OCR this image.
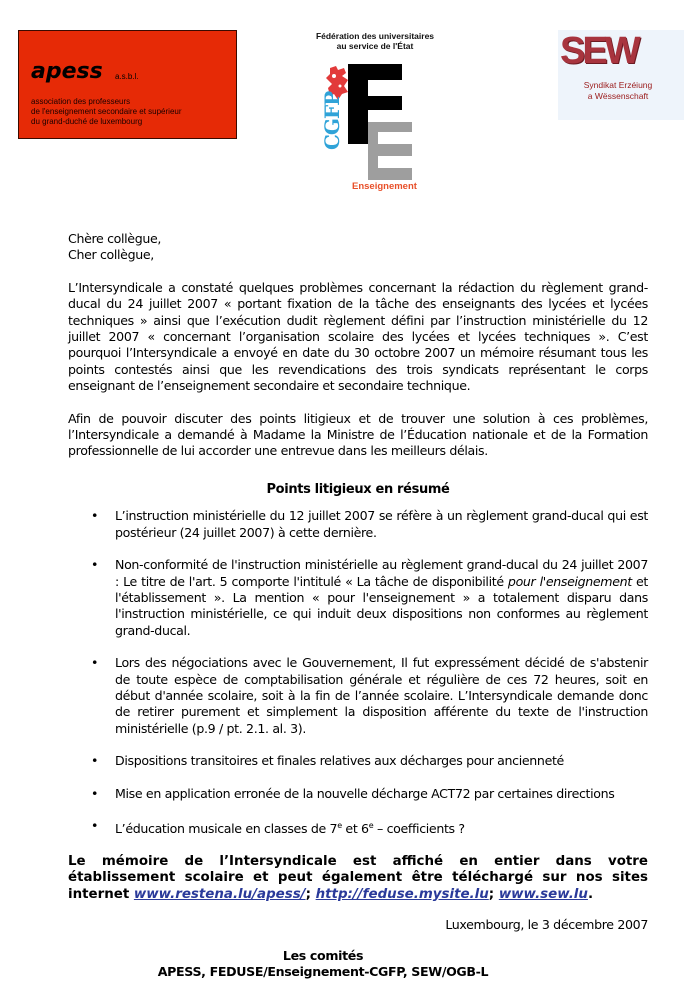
apess a.s.b.l.
association des professeurs
de l'enseignement secondaire et supérieur
du grand-duché de luxembourg
Fédération des universitaires
au service de l'État
CGFP
Enseignement
SEW
Syndikat Erzéiung
a Wëssenschaft

Chère collègue,
Cher collègue,

L’Intersyndicale a constaté quelques problèmes concernant la rédaction du règlement grand-ducal du 24 juillet 2007 « portant fixation de la tâche des enseignants des lycées et lycées techniques » ainsi que l’exécution dudit règlement défini par l’instruction ministérielle du 12 juillet 2007 « concernant l’organisation scolaire des lycées et lycées techniques ». C’est pourquoi l’Intersyndicale a envoyé en date du 30 octobre 2007 un mémoire résumant tous les points contestés ainsi que les revendications des trois syndicats représentant le corps enseignant de l’enseignement secondaire et secondaire technique.

Afin de pouvoir discuter des points litigieux et de trouver une solution à ces problèmes, l’Intersyndicale a demandé à Madame la Ministre de l’Éducation nationale et de la Formation professionnelle de lui accorder une entrevue dans les meilleurs délais.

Points litigieux en résumé

• L’instruction ministérielle du 12 juillet 2007 se réfère à un règlement grand-ducal qui est postérieur (24 juillet 2007) à cette dernière.
• Non-conformité de l'instruction ministérielle au règlement grand-ducal du 24 juillet 2007 : Le titre de l'art. 5 comporte l'intitulé « La tâche de disponibilité pour l'enseignement et l'établissement ». La mention « pour l'enseignement » a totalement disparu dans l'instruction ministérielle, ce qui induit deux dispositions non conformes au règlement grand-ducal.
• Lors des négociations avec le Gouvernement, Il fut expressément décidé de s'abstenir de toute espèce de comptabilisation générale et régulière de ces 72 heures, soit en début d'année scolaire, soit à la fin de l’année scolaire. L’Intersyndicale demande donc de retirer purement et simplement la disposition afférente du texte de l'instruction ministérielle (p.9 / pt. 2.1. al. 3).
• Dispositions transitoires et finales relatives aux décharges pour ancienneté
• Mise en application erronée de la nouvelle décharge ACT72 par certaines directions
• L’éducation musicale en classes de 7e et 6e – coefficients ?

Le mémoire de l’Intersyndicale est affiché en entier dans votre établissement scolaire et peut également être téléchargé sur nos sites internet www.restena.lu/apess/; http://feduse.mysite.lu; www.sew.lu.

Luxembourg, le 3 décembre 2007

Les comités
APESS, FEDUSE/Enseignement-CGFP, SEW/OGB-L
